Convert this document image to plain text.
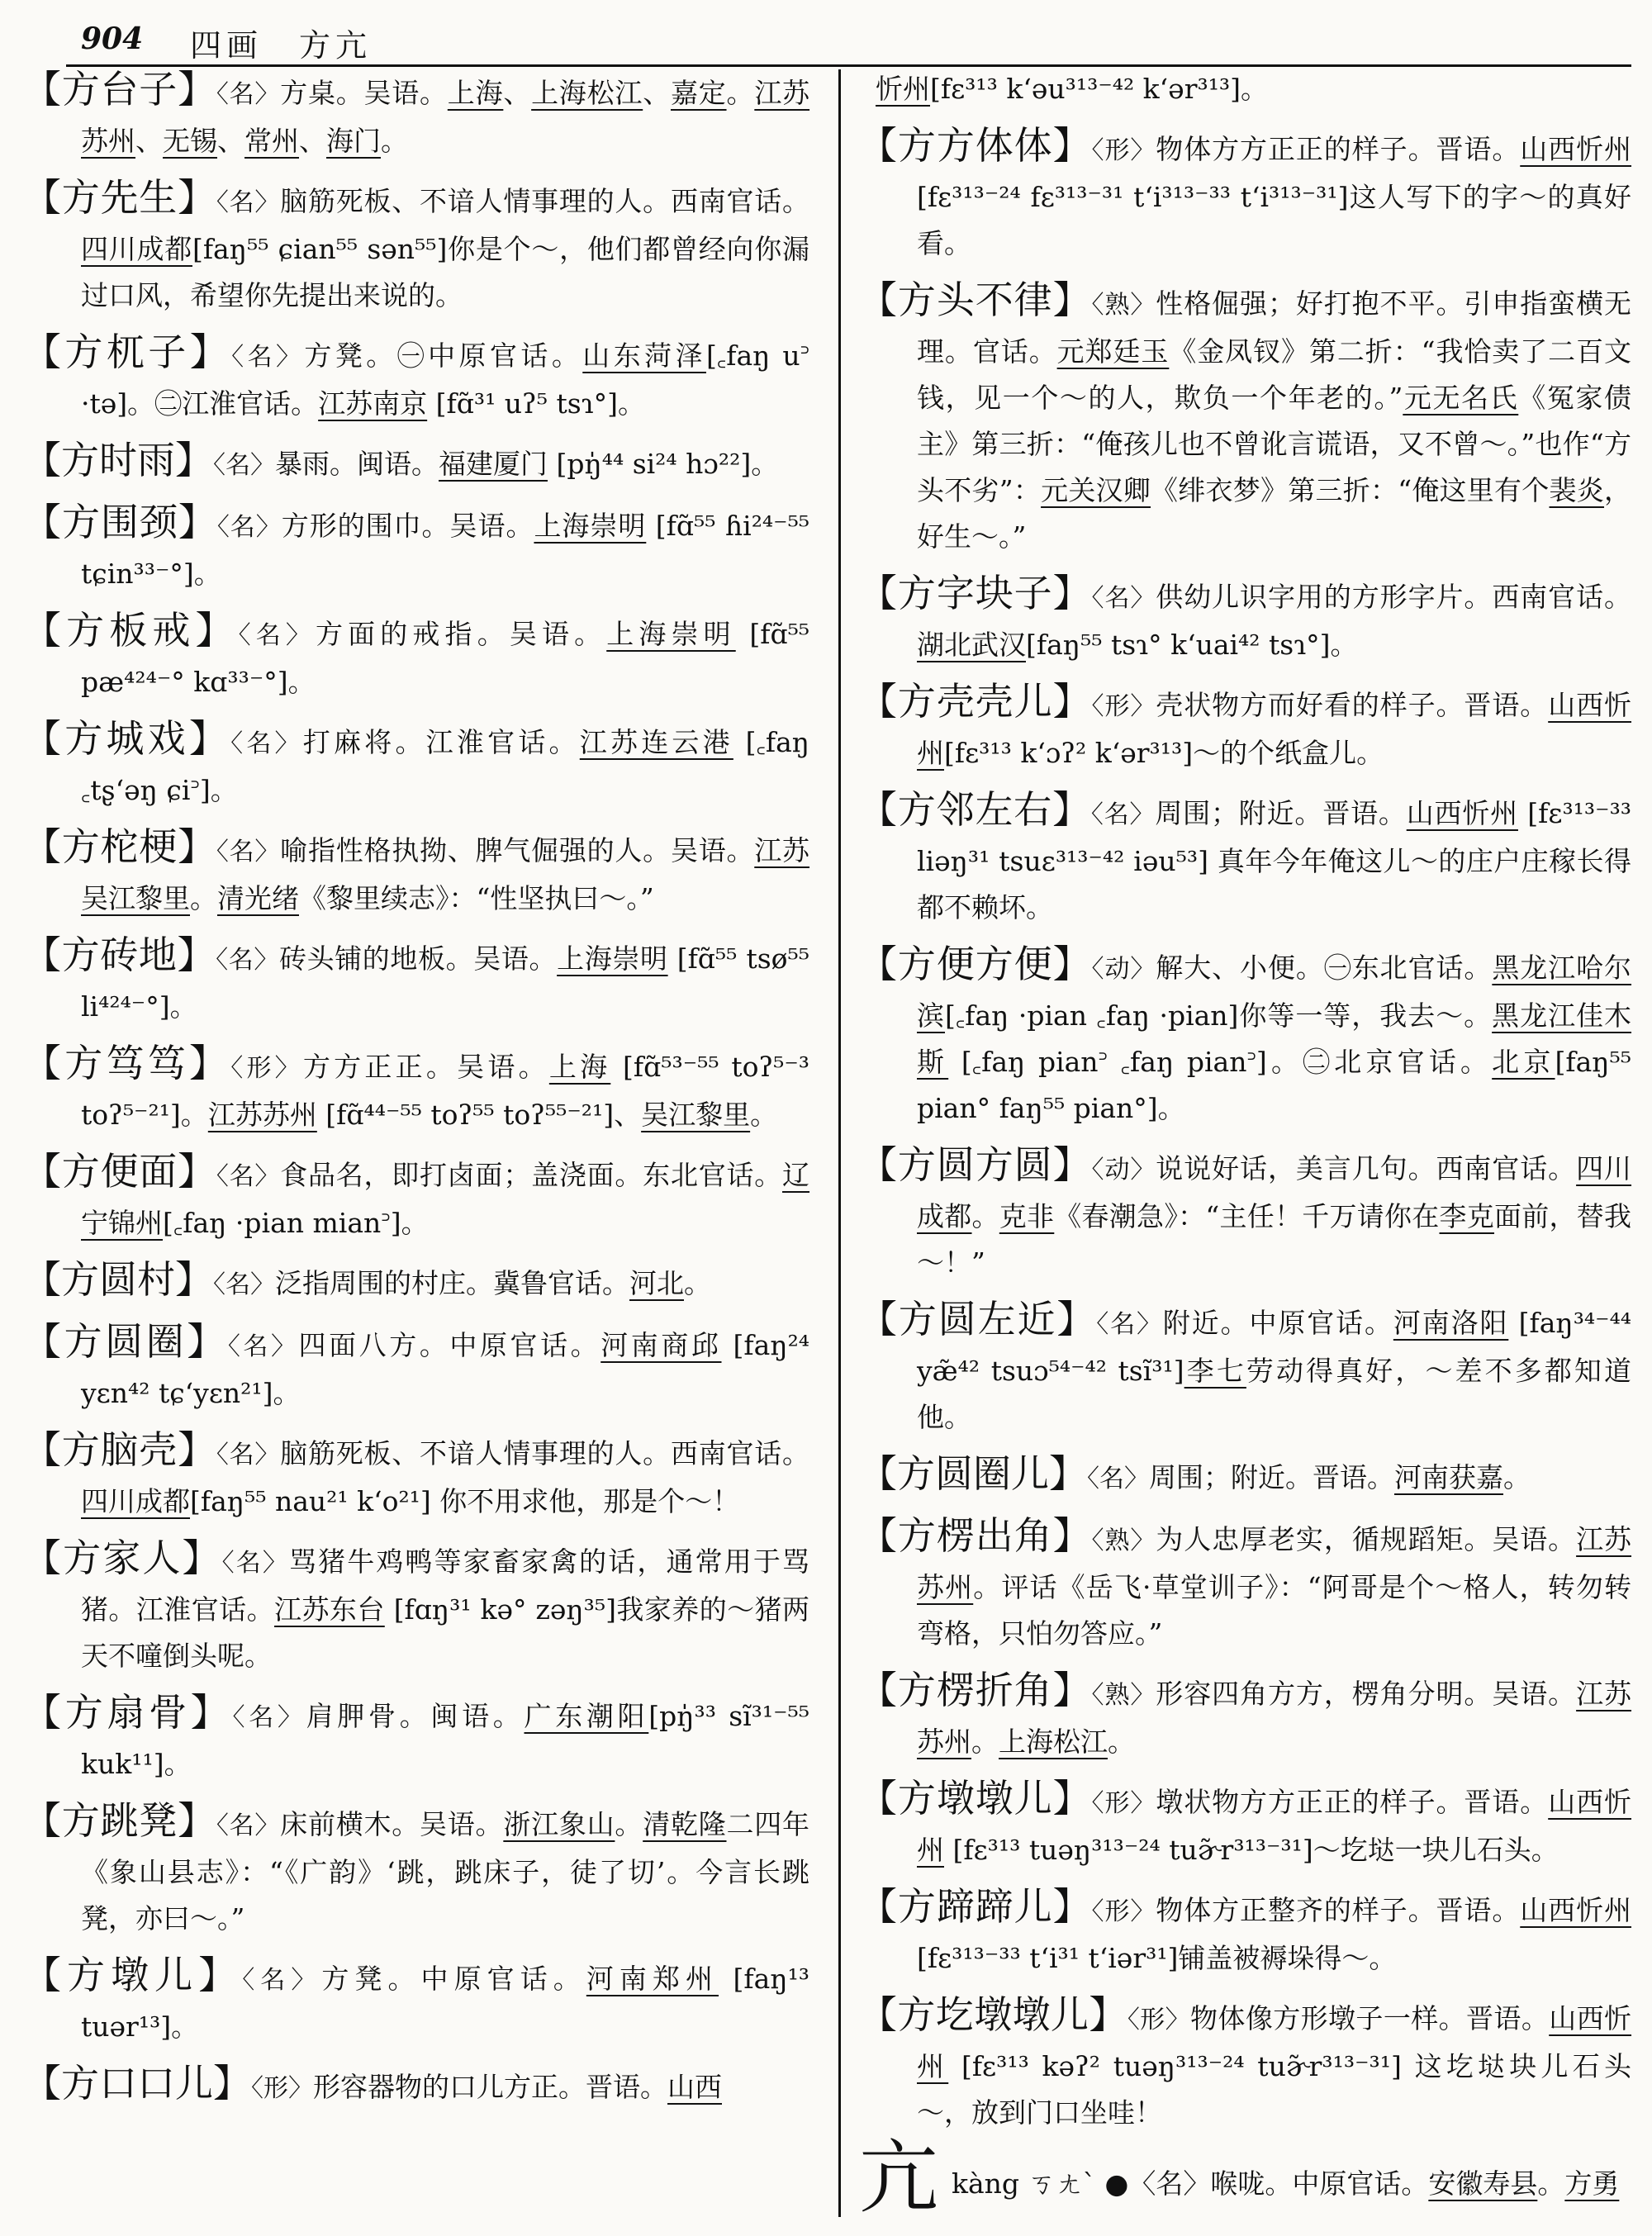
904 四画　方亢

【方台子】〈名〉方桌。吴语。上海、上海松江、嘉定。江苏苏州、无锡、常州、海门。

【方先生】〈名〉脑筋死板、不谙人情事理的人。西南官话。四川成都[faŋ⁵⁵ ɕian⁵⁵ sən⁵⁵]你是个～，他们都曾经向你漏过口风，希望你先提出来说的。

【方杌子】〈名〉方凳。㊀中原官话。山东菏泽[꜀faŋ u꜄ ·tə]。㊁江淮官话。江苏南京 [fɑ̃³¹ uʔ⁵ tsɿ°]。

【方时雨】〈名〉暴雨。闽语。福建厦门 [pŋ̍⁴⁴ si²⁴ hɔ²²]。

【方围颈】〈名〉方形的围巾。吴语。上海崇明 [fɑ̃⁵⁵ ɦi²⁴⁻⁵⁵ tɕin³³⁻°]。

【方板戒】〈名〉方面的戒指。吴语。上海崇明 [fɑ̃⁵⁵ pæ⁴²⁴⁻° kɑ³³⁻°]。

【方城戏】〈名〉打麻将。江淮官话。江苏连云港 [꜀faŋ ꜀tʂʻəŋ ɕi꜄]。

【方柁梗】〈名〉喻指性格执拗、脾气倔强的人。吴语。江苏吴江黎里。清光绪《黎里续志》：“性坚执曰～。”

【方砖地】〈名〉砖头铺的地板。吴语。上海崇明 [fɑ̃⁵⁵ tsø⁵⁵ li⁴²⁴⁻°]。

【方笃笃】〈形〉方方正正。吴语。上海 [fɑ̃⁵³⁻⁵⁵ toʔ⁵⁻³ toʔ⁵⁻²¹]。江苏苏州 [fɑ̃⁴⁴⁻⁵⁵ toʔ⁵⁵ toʔ⁵⁵⁻²¹]、吴江黎里。

【方便面】〈名〉食品名，即打卤面；盖浇面。东北官话。辽宁锦州[꜀faŋ ·pian mian꜄]。

【方圆村】〈名〉泛指周围的村庄。冀鲁官话。河北。

【方圆圈】〈名〉四面八方。中原官话。河南商邱 [faŋ²⁴ yɛn⁴² tɕʻyɛn²¹]。

【方脑壳】〈名〉脑筋死板、不谙人情事理的人。西南官话。四川成都[faŋ⁵⁵ nau²¹ kʻo²¹] 你不用求他，那是个～！

【方家人】〈名〉骂猪牛鸡鸭等家畜家禽的话，通常用于骂猪。江淮官话。江苏东台 [fɑŋ³¹ kə° zəŋ³⁵]我家养的～猪两天不噇倒头呢。

【方扇骨】〈名〉肩胛骨。闽语。广东潮阳[pŋ̍³³ sĩ³¹⁻⁵⁵ kuk¹¹]。

【方跳凳】〈名〉床前横木。吴语。浙江象山。清乾隆二四年《象山县志》：“《广韵》‘跳，跳床子，徒了切’。今言长跳凳，亦曰～。”

【方墩儿】〈名〉方凳。中原官话。河南郑州 [faŋ¹³ tuər¹³]。

【方口口儿】〈形〉形容器物的口儿方正。晋语。山西

忻州[fɛ³¹³ kʻəu³¹³⁻⁴² kʻər³¹³]。

【方方体体】〈形〉物体方方正正的样子。晋语。山西忻州 [fɛ³¹³⁻²⁴ fɛ³¹³⁻³¹ tʻi³¹³⁻³³ tʻi³¹³⁻³¹]这人写下的字～的真好看。

【方头不律】〈熟〉性格倔强；好打抱不平。引申指蛮横无理。官话。元郑廷玉《金凤钗》第二折：“我恰卖了二百文钱，见一个～的人，欺负一个年老的。”元无名氏《冤家债主》第三折：“俺孩儿也不曾讹言谎语，又不曾～。”也作“方头不劣”：元关汉卿《绯衣梦》第三折：“俺这里有个裴炎，好生～。”

【方字块子】〈名〉供幼儿识字用的方形字片。西南官话。湖北武汉[faŋ⁵⁵ tsɿ° kʻuai⁴² tsɿ°]。

【方壳壳儿】〈形〉壳状物方而好看的样子。晋语。山西忻州[fɛ³¹³ kʻɔʔ² kʻər³¹³]～的个纸盒儿。

【方邻左右】〈名〉周围；附近。晋语。山西忻州 [fɛ³¹³⁻³³ liəŋ³¹ tsuɛ³¹³⁻⁴² iəu⁵³] 真年今年俺这儿～的庄户庄稼长得都不赖坏。

【方便方便】〈动〉解大、小便。㊀东北官话。黑龙江哈尔滨[꜀faŋ ·pian ꜀faŋ ·pian]你等一等，我去～。黑龙江佳木斯 [꜀faŋ pian꜄ ꜀faŋ pian꜄]。㊁北京官话。北京[faŋ⁵⁵ pian° faŋ⁵⁵ pian°]。

【方圆方圆】〈动〉说说好话，美言几句。西南官话。四川成都。克非《春潮急》：“主任！千万请你在李克面前，替我～！”

【方圆左近】〈名〉附近。中原官话。河南洛阳 [faŋ³⁴⁻⁴⁴ yæ̃⁴² tsuɔ⁵⁴⁻⁴² tsĩ³¹]李七劳动得真好，～差不多都知道他。

【方圆圈儿】〈名〉周围；附近。晋语。河南获嘉。

【方楞出角】〈熟〉为人忠厚老实，循规蹈矩。吴语。江苏苏州。评话《岳飞·草堂训子》：“阿哥是个～格人，转勿转弯格，只怕勿答应。”

【方楞折角】〈熟〉形容四角方方，楞角分明。吴语。江苏苏州。上海松江。

【方墩墩儿】〈形〉墩状物方方正正的样子。晋语。山西忻州 [fɛ³¹³ tuəŋ³¹³⁻²⁴ tuɚ̃r³¹³⁻³¹]～圪垯一块儿石头。

【方蹄蹄儿】〈形〉物体方正整齐的样子。晋语。山西忻州[fɛ³¹³⁻³³ tʻi³¹ tʻiər³¹]铺盖被褥垛得～。

【方圪墩墩儿】〈形〉物体像方形墩子一样。晋语。山西忻州 [fɛ³¹³ kəʔ² tuəŋ³¹³⁻²⁴ tuɚ̃r³¹³⁻³¹] 这圪垯块儿石头～，放到门口坐哇！

亢kàng ㄎㄤˋ ●〈名〉喉咙。中原官话。安徽寿县。方勇
